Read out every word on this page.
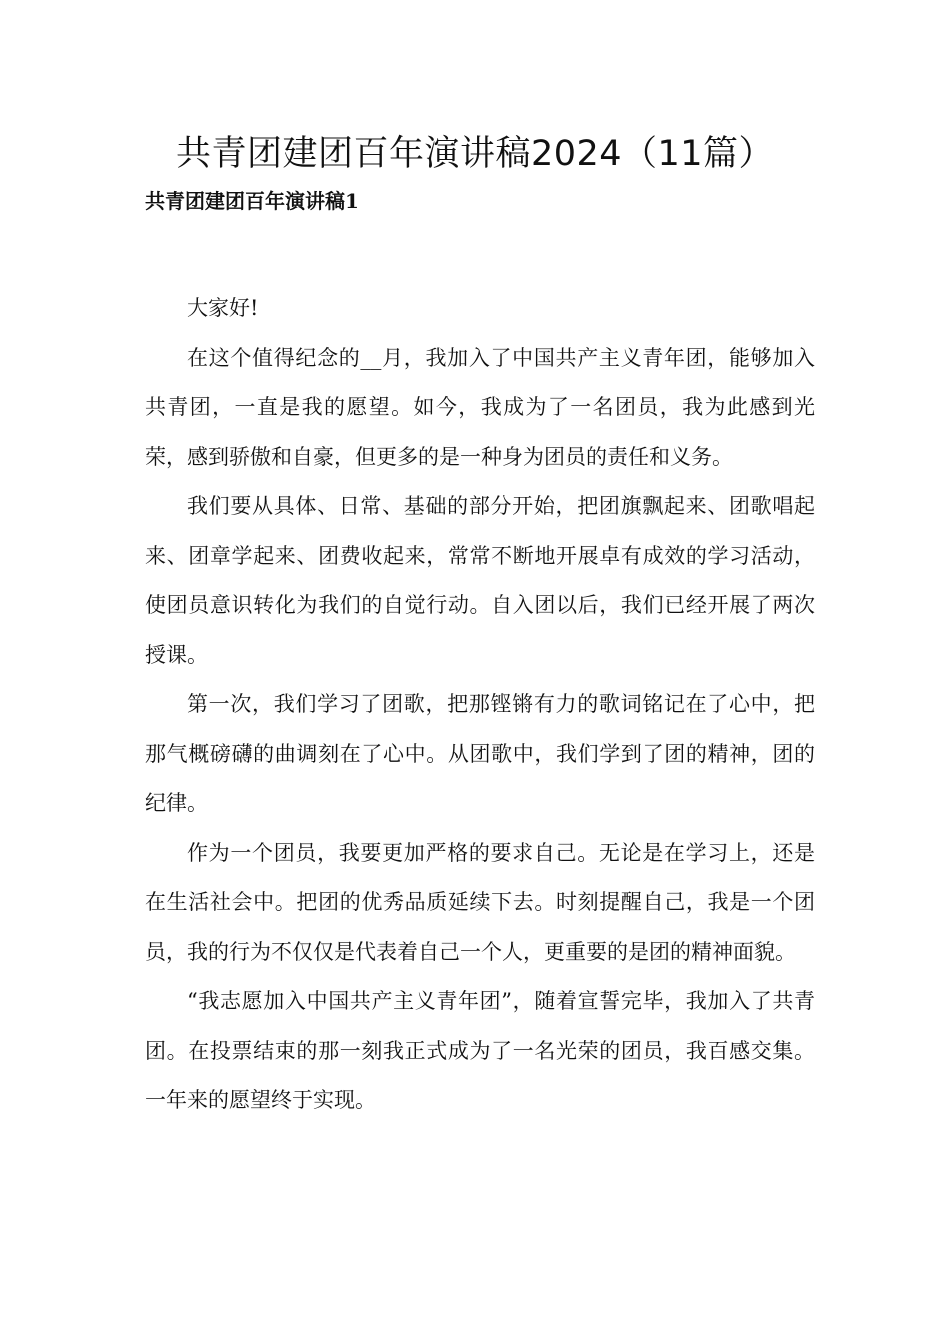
共青团建团百年演讲稿2024（11篇）
共青团建团百年演讲稿1

大家好!

在这个值得纪念的__月，我加入了中国共产主义青年团，能够加入共青团，一直是我的愿望。如今，我成为了一名团员，我为此感到光荣，感到骄傲和自豪，但更多的是一种身为团员的责任和义务。

我们要从具体、日常、基础的部分开始，把团旗飘起来、团歌唱起来、团章学起来、团费收起来，常常不断地开展卓有成效的学习活动，使团员意识转化为我们的自觉行动。自入团以后，我们已经开展了两次授课。

第一次，我们学习了团歌，把那铿锵有力的歌词铭记在了心中，把那气概磅礴的曲调刻在了心中。从团歌中，我们学到了团的精神，团的纪律。

作为一个团员，我要更加严格的要求自己。无论是在学习上，还是在生活社会中。把团的优秀品质延续下去。时刻提醒自己，我是一个团员，我的行为不仅仅是代表着自己一个人，更重要的是团的精神面貌。

“我志愿加入中国共产主义青年团”，随着宣誓完毕，我加入了共青团。在投票结束的那一刻我正式成为了一名光荣的团员，我百感交集。一年来的愿望终于实现。
